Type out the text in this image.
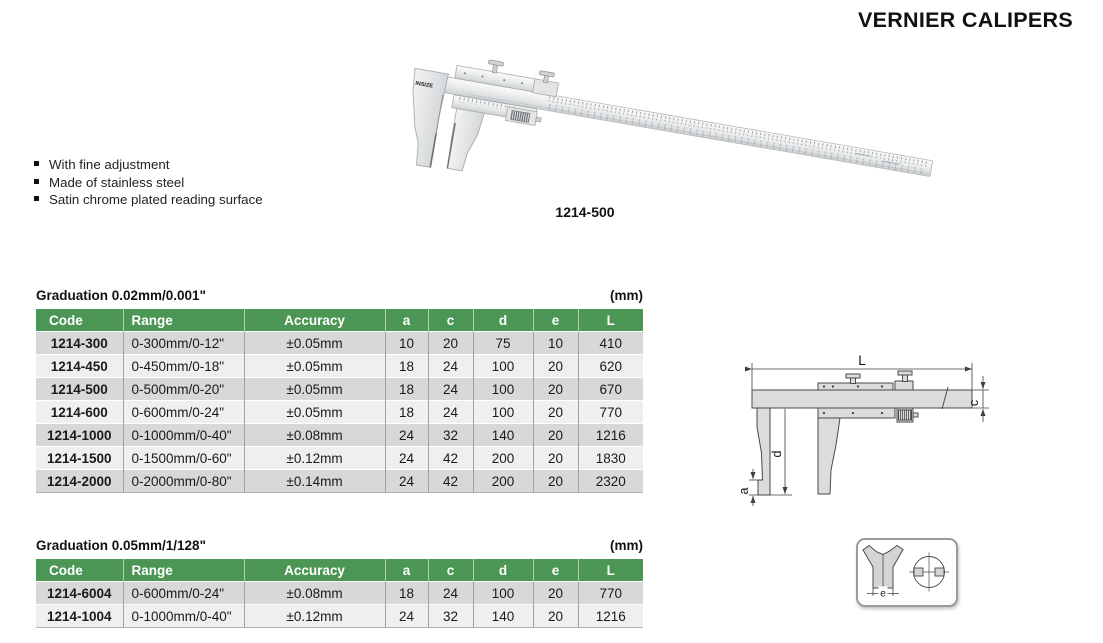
VERNIER CALIPERS
INSIZE
1214-500
With fine adjustment
Made of stainless steel
Satin chrome plated reading surface
Graduation 0.02mm/0.001"	(mm)
Code	Range	Accuracy	a	c	d	e	L
1214-300	0-300mm/0-12"	±0.05mm	10	20	75	10	410
1214-450	0-450mm/0-18"	±0.05mm	18	24	100	20	620
1214-500	0-500mm/0-20"	±0.05mm	18	24	100	20	670
1214-600	0-600mm/0-24"	±0.05mm	18	24	100	20	770
1214-1000	0-1000mm/0-40"	±0.08mm	24	32	140	20	1216
1214-1500	0-1500mm/0-60"	±0.12mm	24	42	200	20	1830
1214-2000	0-2000mm/0-80"	±0.14mm	24	42	200	20	2320
Graduation 0.05mm/1/128"	(mm)
Code	Range	Accuracy	a	c	d	e	L
1214-6004	0-600mm/0-24"	±0.08mm	18	24	100	20	770
1214-1004	0-1000mm/0-40"	±0.12mm	24	32	140	20	1216
L
c
d
a
e
